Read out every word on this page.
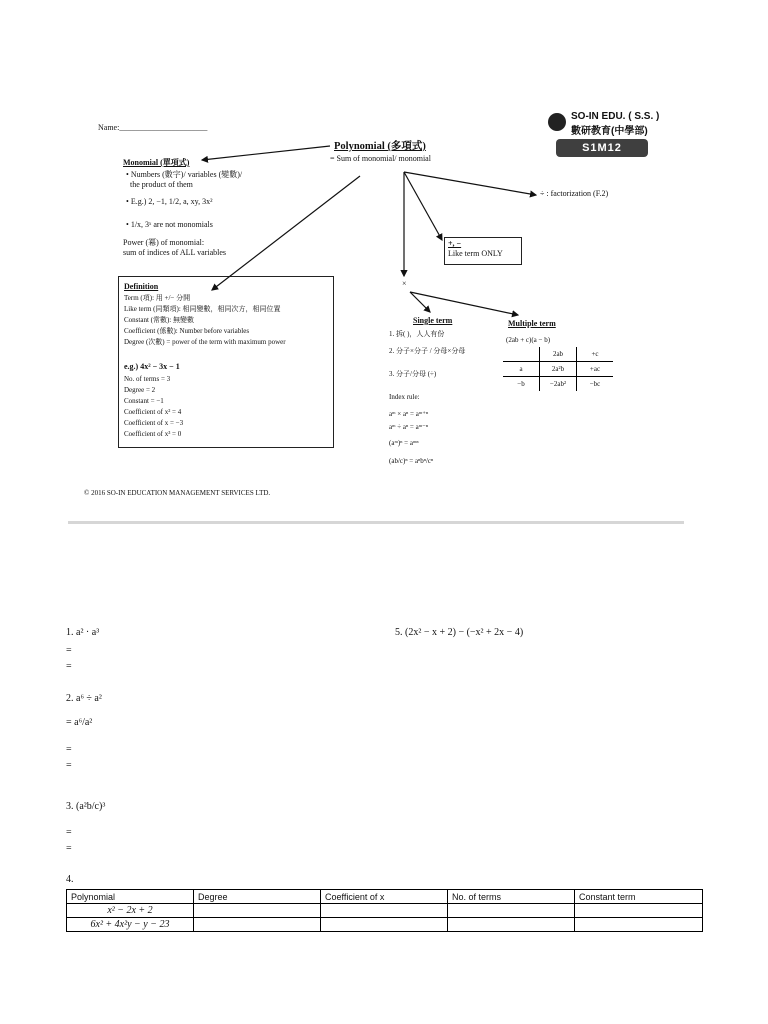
Name:______________________
SO-IN EDU. ( S.S. )
數研教育(中學部)
S1M12
Polynomial (多項式)
= Sum of monomial/ monomial
Monomial (單項式)
• Numbers (數字)/ variables (變數)/
the product of them
• E.g.) 2, −1, 1/2, a, xy, 3x²
• 1/x, 3ˣ are not monomials
Power (冪) of monomial:
sum of indices of ALL variables
÷ : factorization (F.2)
+, −
Like term ONLY
×
Definition
Term (項): 用 +/− 分開
Like term (同類項): 相同變數，相同次方，相同位置
Constant (常數): 無變數
Coefficient (係數): Number before variables
Degree (次數) = power of the term with maximum power
e.g.) 4x² − 3x − 1
No. of terms = 3
Degree = 2
Constant = −1
Coefficient of x² = 4
Coefficient of x = −3
Coefficient of x³ = 0
Single term
1. 拆( )，人人有份
2. 分子×分子 / 分母×分母
3. 分子/分母 (÷)
Index rule:
aᵐ × aⁿ = aᵐ⁺ⁿ
aᵐ ÷ aⁿ = aᵐ⁻ⁿ
(aᵐ)ⁿ = aᵐⁿ
(ab/c)ⁿ = aⁿbⁿ/cⁿ
Multiple term
(2ab + c)(a − b)
	2ab	+c
a	2a²b	+ac
−b	−2ab²	−bc
© 2016 SO-IN EDUCATION MANAGEMENT SERVICES LTD.
1. a² · a³
=
=
2. a⁶ ÷ a²
= a⁶/a²
=
=
3. (a²b/c)³
=
=
5. (2x² − x + 2) − (−x² + 2x − 4)
4.
Polynomial	Degree	Coefficient of x	No. of terms	Constant term
x² − 2x + 2				
6x² + 4x²y − y − 23				
